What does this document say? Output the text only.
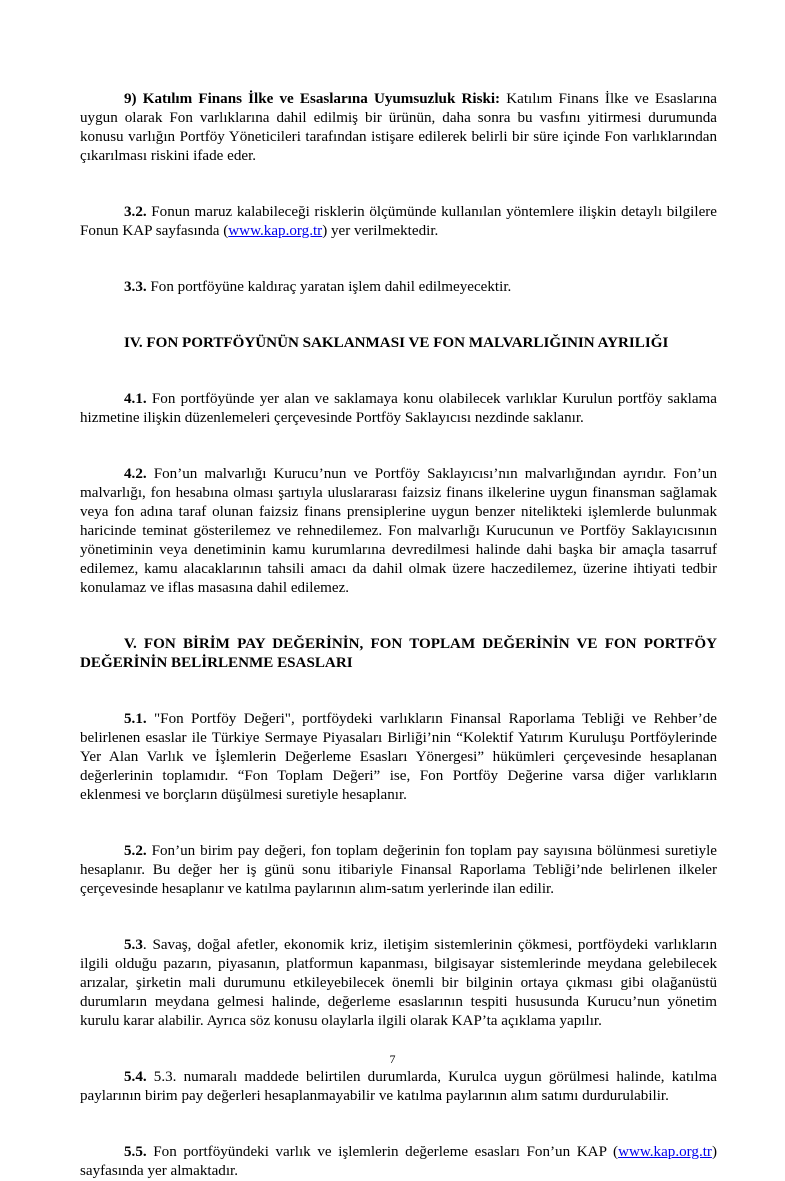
9) Katılım Finans İlke ve Esaslarına Uyumsuzluk Riski: Katılım Finans İlke ve Esaslarına uygun olarak Fon varlıklarına dahil edilmiş bir ürünün, daha sonra bu vasfını yitirmesi durumunda konusu varlığın Portföy Yöneticileri tarafından istişare edilerek belirli bir süre içinde Fon varlıklarından çıkarılması riskini ifade eder.

3.2. Fonun maruz kalabileceği risklerin ölçümünde kullanılan yöntemlere ilişkin detaylı bilgilere Fonun KAP sayfasında (www.kap.org.tr) yer verilmektedir.

3.3. Fon portföyüne kaldıraç yaratan işlem dahil edilmeyecektir.

IV. FON PORTFÖYÜNÜN SAKLANMASI VE FON MALVARLIĞININ AYRILIĞI

4.1. Fon portföyünde yer alan ve saklamaya konu olabilecek varlıklar Kurulun portföy saklama hizmetine ilişkin düzenlemeleri çerçevesinde Portföy Saklayıcısı nezdinde saklanır.

4.2. Fon’un malvarlığı Kurucu’nun ve Portföy Saklayıcısı’nın malvarlığından ayrıdır. Fon’un malvarlığı, fon hesabına olması şartıyla uluslararası faizsiz finans ilkelerine uygun finansman sağlamak veya fon adına taraf olunan faizsiz finans prensiplerine uygun benzer nitelikteki işlemlerde bulunmak haricinde teminat gösterilemez ve rehnedilemez. Fon malvarlığı Kurucunun ve Portföy Saklayıcısının yönetiminin veya denetiminin kamu kurumlarına devredilmesi halinde dahi başka bir amaçla tasarruf edilemez, kamu alacaklarının tahsili amacı da dahil olmak üzere haczedilemez, üzerine ihtiyati tedbir konulamaz ve iflas masasına dahil edilemez.

V. FON BİRİM PAY DEĞERİNİN, FON TOPLAM DEĞERİNİN VE FON PORTFÖY DEĞERİNİN BELİRLENME ESASLARI

5.1. "Fon Portföy Değeri", portföydeki varlıkların Finansal Raporlama Tebliği ve Rehber’de belirlenen esaslar ile Türkiye Sermaye Piyasaları Birliği’nin “Kolektif Yatırım Kuruluşu Portföylerinde Yer Alan Varlık ve İşlemlerin Değerleme Esasları Yönergesi” hükümleri çerçevesinde hesaplanan değerlerinin toplamıdır. “Fon Toplam Değeri” ise, Fon Portföy Değerine varsa diğer varlıkların eklenmesi ve borçların düşülmesi suretiyle hesaplanır.

5.2. Fon’un birim pay değeri, fon toplam değerinin fon toplam pay sayısına bölünmesi suretiyle hesaplanır. Bu değer her iş günü sonu itibariyle Finansal Raporlama Tebliği’nde belirlenen ilkeler çerçevesinde hesaplanır ve katılma paylarının alım-satım yerlerinde ilan edilir.

5.3. Savaş, doğal afetler, ekonomik kriz, iletişim sistemlerinin çökmesi, portföydeki varlıkların ilgili olduğu pazarın, piyasanın, platformun kapanması, bilgisayar sistemlerinde meydana gelebilecek arızalar, şirketin mali durumunu etkileyebilecek önemli bir bilginin ortaya çıkması gibi olağanüstü durumların meydana gelmesi halinde, değerleme esaslarının tespiti hususunda Kurucu’nun yönetim kurulu karar alabilir. Ayrıca söz konusu olaylarla ilgili olarak KAP’ta açıklama yapılır.

5.4. 5.3. numaralı maddede belirtilen durumlarda, Kurulca uygun görülmesi halinde, katılma paylarının birim pay değerleri hesaplanmayabilir ve katılma paylarının alım satımı durdurulabilir.

5.5. Fon portföyündeki varlık ve işlemlerin değerleme esasları Fon’un KAP (www.kap.org.tr) sayfasında yer almaktadır.

7
